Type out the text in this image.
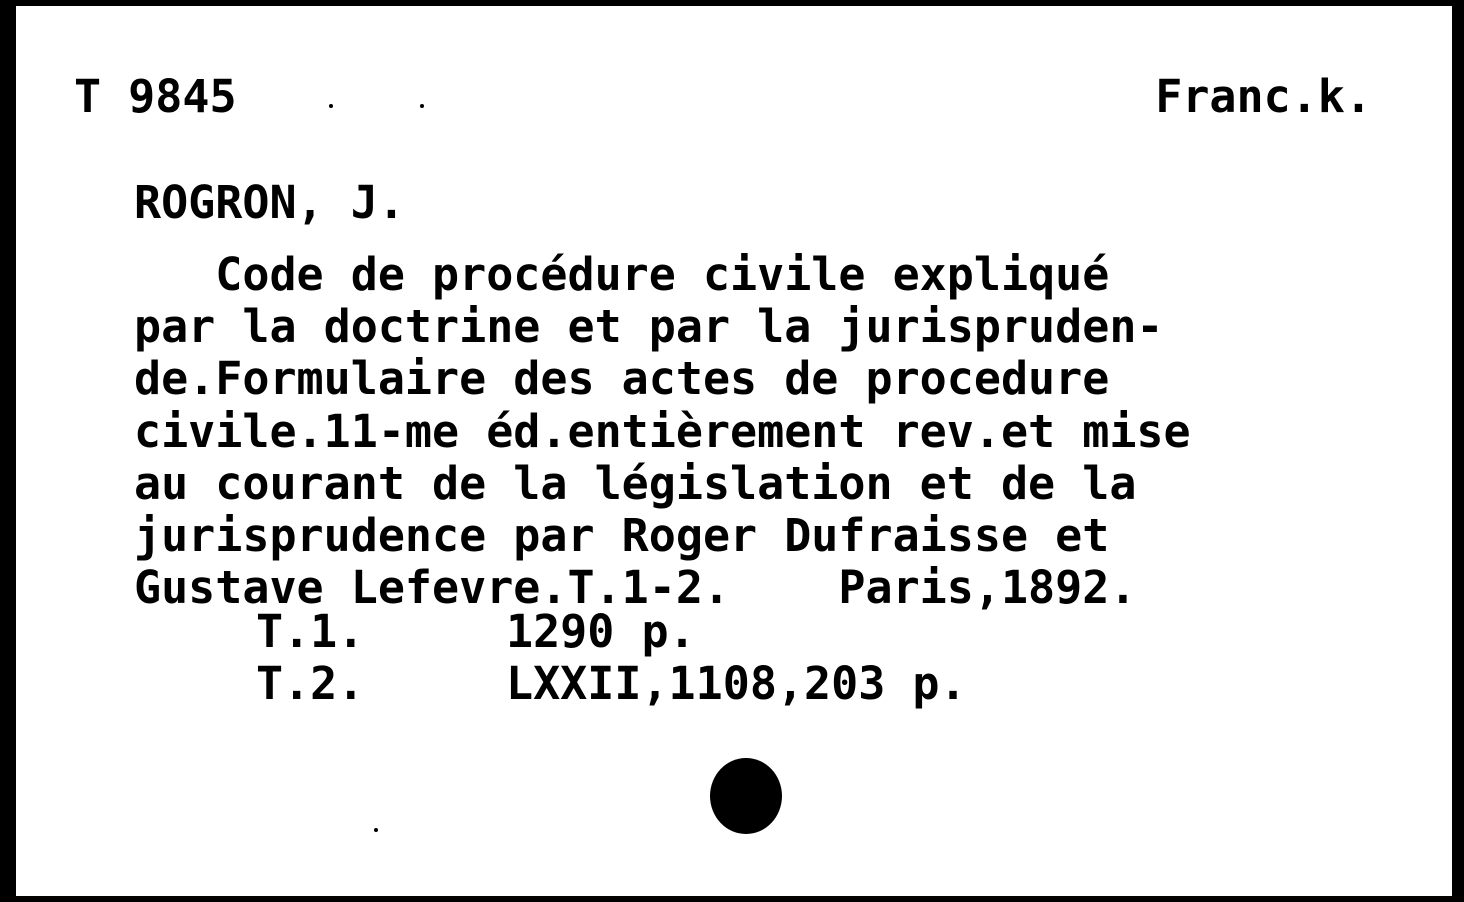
T 9845	Franc.k.
ROGRON, J.
Code de procédure civile expliqué
par la doctrine et par la jurispruden-
de.Formulaire des actes de procedure
civile.11-me éd.entièrement rev.et mise
au courant de la législation et de la
jurisprudence par Roger Dufraisse et
Gustave Lefevre.T.1-2.    Paris,1892.
T.1.	1290 p.
T.2.	LXXII,1108,203 p.
